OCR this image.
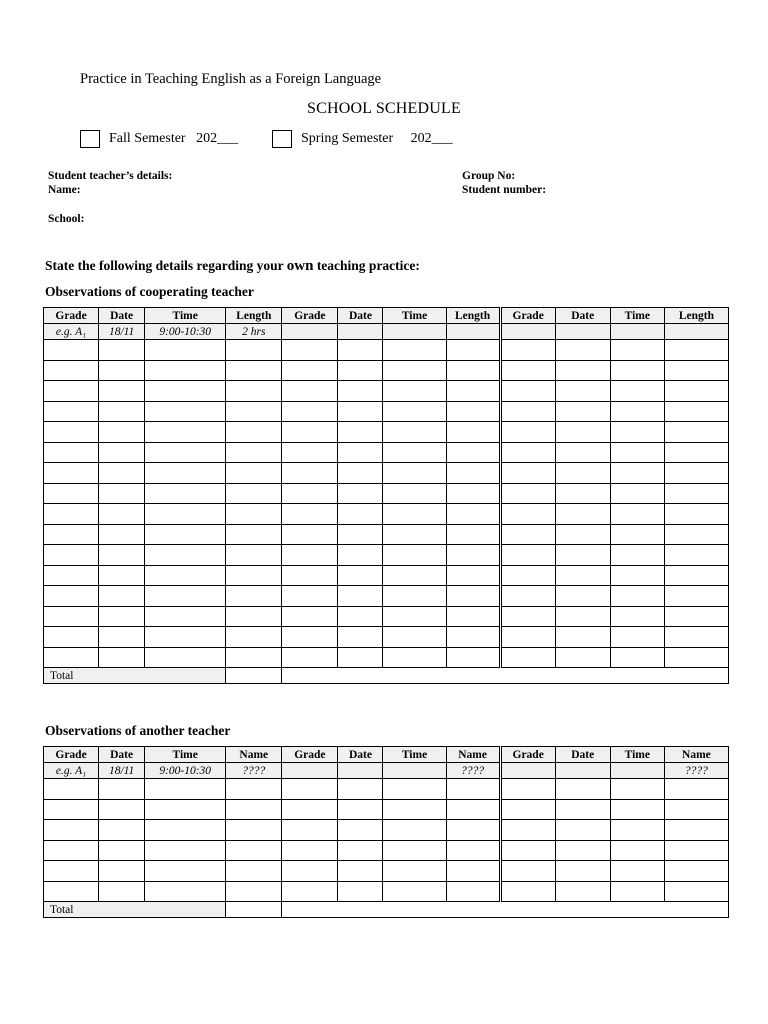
Practice in Teaching English as a Foreign Language
SCHOOL SCHEDULE
Fall Semester   202___	Spring Semester     202___
Student teacher’s details:
Name:
School:
Group No:
Student number:
State the following details regarding your own teaching practice:
Observations of cooperating teacher
Grade	Date	Time	Length	Grade	Date	Time	Length	Grade	Date	Time	Length
e.g. A₁	18/11	9:00-10:30	2 hrs								

Total											
Observations of another teacher
Grade	Date	Time	Name	Grade	Date	Time	Name	Grade	Date	Time	Name
e.g. A₁	18/11	9:00-10:30	????				????				????

Total											
